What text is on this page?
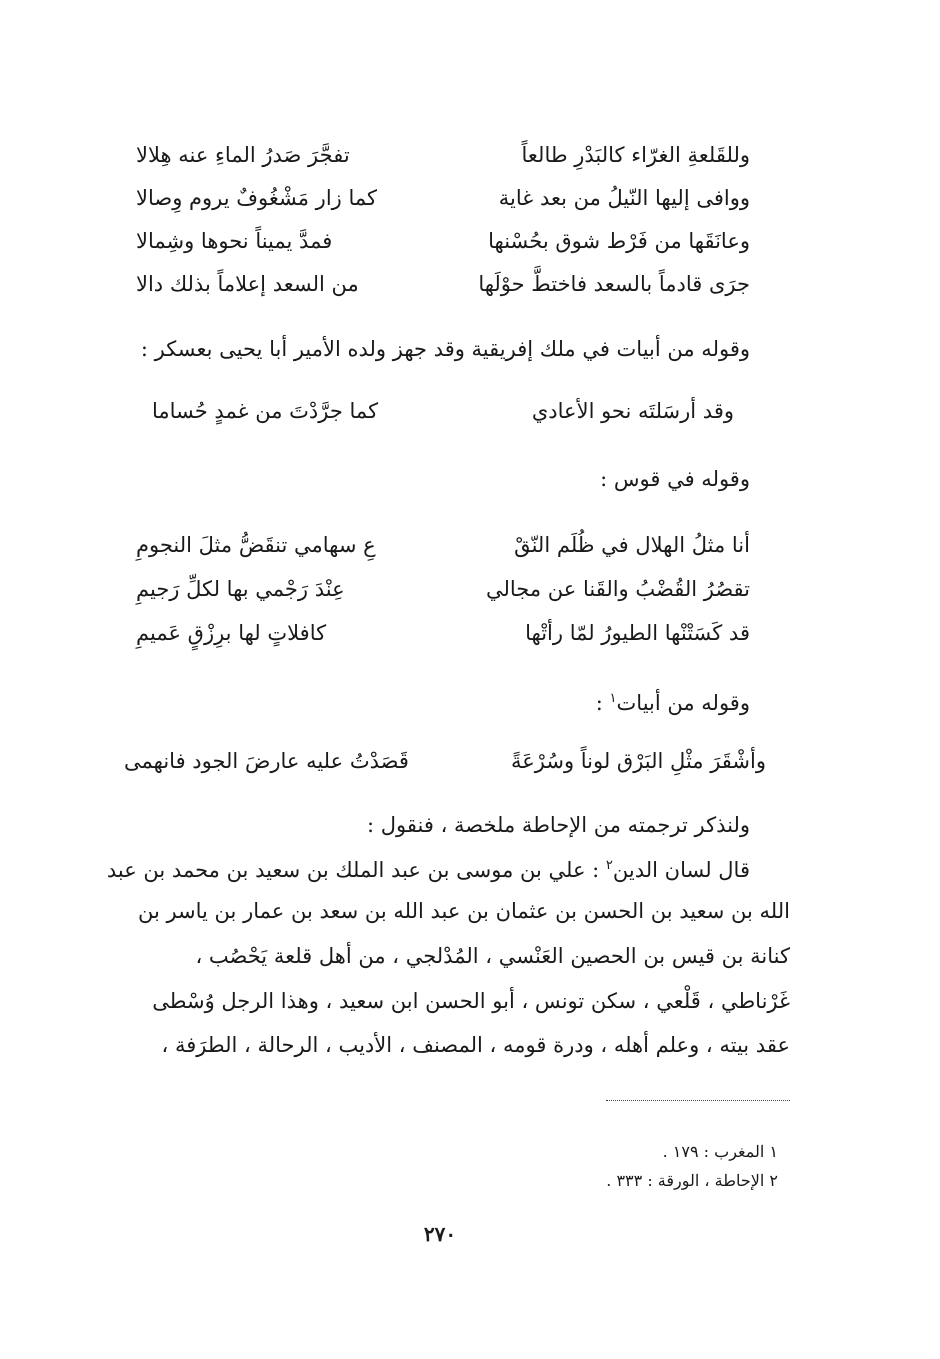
وللقَلعةِ الغرّاء كالبَدْرِ طالعاً
تفجَّرَ صَدرُ الماءِ عنه هِلالا
ووافى إليها النّيلُ من بعد غاية
كما زار مَشْغُوفٌ يروم وِصالا
وعانَقَها من فَرْط شوق بحُسْنها
فمدَّ يميناً نحوها وشِمالا
جرَى قادماً بالسعد فاختطَّ حوْلَها
من السعد إعلاماً بذلك دالا
وقوله من أبيات في ملك إفريقية وقد جهز ولده الأمير أبا يحيى بعسكر :
وقد أرسَلتَه نحو الأعادي
كما جرَّدْتَ من غمدٍ حُساما
وقوله في قوس :
أنا مثلُ الهلال في ظُلَم النّقْ
عِ سهامي تنقَضُّ مثلَ النجومِ
تقصُرُ القُضْبُ والقَنا عن مجالي
عِنْدَ رَجْمي بها لكلِّ رَجيمِ
قد كَسَتْنْها الطيورُ لمّا رأتْها
كافلاتٍ لها برِزْقٍ عَميمِ
وقوله من أبيات$^١$ :
وأشْقَرَ مثْلِ البَرْق لوناً وسُرْعَةً
قَصَدْتُ عليه عارضَ الجود فانهمى
ولنذكر ترجمته من الإحاطة ملخصة ، فنقول :
قال لسان الدين$^٢$ : علي بن موسى بن عبد الملك بن سعيد بن محمد بن عبد
الله بن سعيد بن الحسن بن عثمان بن عبد الله بن سعد بن عمار بن ياسر بن
كنانة بن قيس بن الحصين العَنْسي ، المُدْلجي ، من أهل قلعة يَحْصُب ،
غَرْناطي ، قَلْعي ، سكن تونس ، أبو الحسن ابن سعيد ، وهذا الرجل وُسْطى
عقد بيته ، وعلم أهله ، ودرة قومه ، المصنف ، الأديب ، الرحالة ، الطرَفة ،
١ المغرب : ١٧٩ .
٢ الإحاطة ، الورقة : ٣٣٣ .
٢٧٠
